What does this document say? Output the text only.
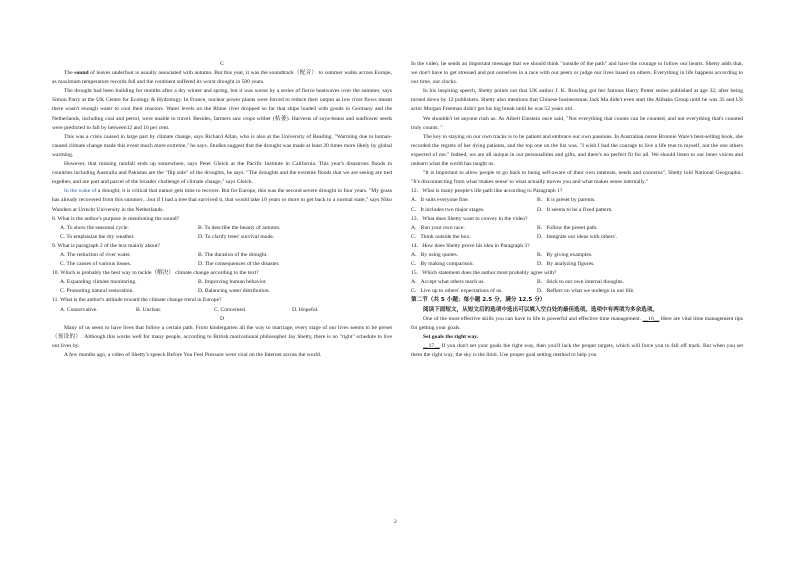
C

The sound of leaves underfoot is usually associated with autumn. But this year, it was the soundtrack（配音） to summer walks across Europe, as maximum temperature records fell and the continent suffered its worst drought in 500 years.

The drought had been building for months after a dry winter and spring, but it was worse by a series of fierce heatwaves over the summer, says Simon Parry at the UK Centre for Ecology & Hydrology. In France, nuclear power plants were forced to reduce their output as low river flows meant there wasn't enough water to cool their reactors. Water levels on the Rhine river dropped so far that ships loaded with goods in Germany and the Netherlands, including coal and petrol, were unable to travel. Besides, farmers saw crops wither (枯萎). Harvests of soya-beans and sunflower seeds were predicted to fall by between12 and 16 per cent.

This was a crisis caused in large part by climate change, says Richard Allan, who is also at the University of Reading. "Warming due to human-caused climate change made this event much more extreme," he says. Studies suggest that the drought was made at least 20 times more likely by global warming.

However, that missing rainfall ends up somewhere, says Peter Gleick at the Pacific Institute in California. This year's disastrous floods in countries including Australia and Pakistan are the "flip side" of the droughts, he says. "The droughts and the extreme floods that we are seeing are tied together, and are part and parcel of the broader challenge of climate change," says Gleick.

In the wake of a drought, it is critical that nature gets time to recover. But for Europe, this was the second severe drought in four years. "My grass has already recovered from this summer…but if I had a tree that survived it, that would take 10 years or more to get back to a normal state," says Niko Wanders at Utrecht University in the Netherlands.

8. What is the author's purpose in mentioning the sound?

A. To show the seasonal cycle.	B. To describe the beauty of autumn.
C. To emphasize the dry weather.	D. To clarify trees' survival mode.

9. What is paragraph 2 of the text mainly about?

A. The reduction of river water.	B. The duration of the drought.
C. The causes of various losses.	D. The consequences of the disaster.

10. Which is probably the best way to tackle（解决） climate change according to the text?

A. Expanding climate monitoring.	B. Improving human behavior.
C. Promoting natural restoration.	D. Balancing water distribution.

11. What is the author's attitude toward the climate change trend in Europe?

A. Conservative.	B. Unclear.	C. Concerned.	D. Hopeful.

D

Many of us seem to have lives that follow a certain path. From kindergarten all the way to marriage, every stage of our lives seems to be preset（预设的）. Although this works well for many people, according to British motivational philosopher Jay Shetty, there is no "right" schedule to live our lives by.

A few months ago, a video of Shetty's speech Before You Feel Pressure went viral on the Internet across the world.

In the video, he sends an important message that we should think "outside of the path" and have the courage to follow our hearts. Shetty adds that, we don't have to get stressed and put ourselves in a race with our peers or judge our lives based on others. Everything in life happens according to our time, our clocks.

In his inspiring speech, Shetty points out that UK author J. K. Rowling got her famous Harry Potter series published at age 32, after being turned down by 12 publishers. Shetty also mentions that Chinese businessman Jack Ma didn't even start the Alibaba Group until he was 35 and US actor Morgan Freeman didn't get his big break until he was 52 years old.

We shouldn't let anyone rush us. As Albert Einstein once said, "Not everything that counts can be counted, and not everything that's counted truly counts. "

The key to staying on our own tracks is to be patient and embrace our own passions. In Australian nurse Bronnie Ware's best-selling book, she recorded the regrets of her dying patients, and the top one on the list was. "I wish I had the courage to live a life true to myself, not the one others expected of me." Indeed, we are all unique in our personalities and gifts, and there's no perfect fit for all. We should listen to our inner voices and unlearn what the world has taught us.

"It is important to allow people to go back to being self-aware of their own interests, needs and concerns", Shetty told National Geographic. "It's disconnecting from what 'makes sense' to what actually moves you and what makes sense internally."

12．What is many people's life path like according to Paragraph 1?

A．It suits everyone fine.	B．It is preset by parents.
C．It includes two major stages.	D．It seems to be a fixed pattern.

13．What does Shetty want to convey in the video?

A．Run your own race.	B．Follow the preset path.
C．Think outside the box.	D．Integrate our ideas with others'.

14．How does Shetty prove his idea in Paragraph 3?

A．By using quotes.	B．By giving examples.
C．By making comparison.	D．By analyzing figures.

15．Which statement does the author most probably agree with?

A．Accept what others teach us.	B．Stick to our own internal thoughts.
C．Live up to others' expectations of us.	D．Reflect on what we undergo in our life.

第二节（共 5 小题；每小题 2.5 分，满分 12.5 分）

阅读下面短文，从短文后的选项中选出可以填入空白处的最佳选项。选项中有两项为多余选项。

One of the most effective skills you can have in life is powerful and effective time management. __16__ Here are vital time management tips for getting your goals.

Set goals the right way.

__17__ If you don't set your goals the right way, then you'll lack the proper targets, which will force you to fall off track. But when you set them the right way, the sky is the limit. Use proper goal setting method to help you

2
